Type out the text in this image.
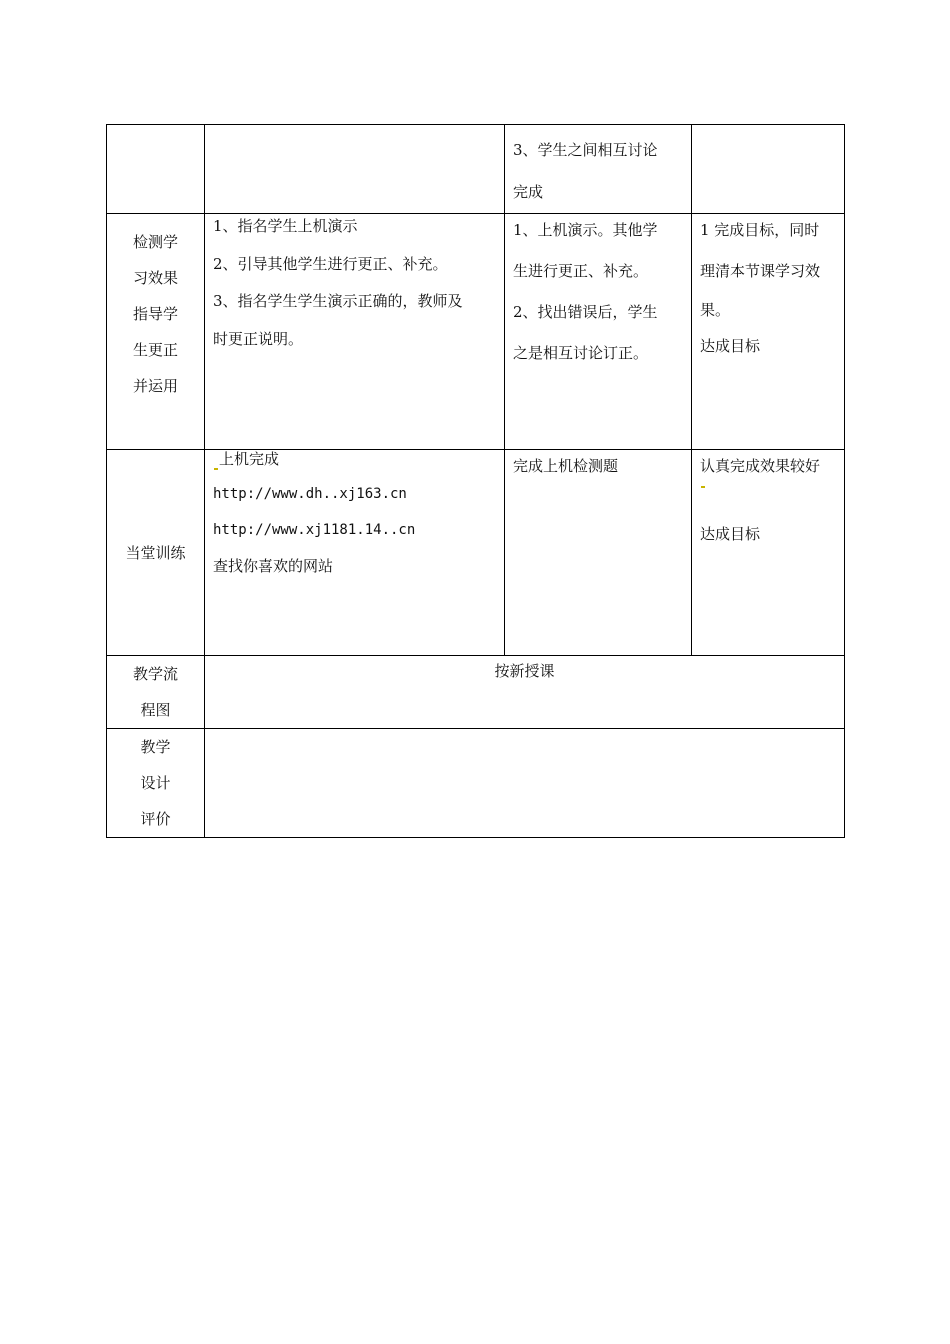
		3、学生之间相互讨论
完成	

检测学
习效果
指导学
生更正
并运用	1、指名学生上机演示
2、引导其他学生进行更正、补充。
3、指名学生学生演示正确的，教师及
时更正说明。	1、上机演示。其他学
生进行更正、补充。
2、找出错误后，学生
之是相互讨论订正。	1 完成目标，同时
理清本节课学习效
果。
达成目标

当堂训练	上机完成
http://www.dh..xj163.cn
http://www.xj1181.14..cn
查找你喜欢的网站	完成上机检测题	认真完成效果较好
达成目标

教学流
程图	按新授课		

教学
设计
评价			
